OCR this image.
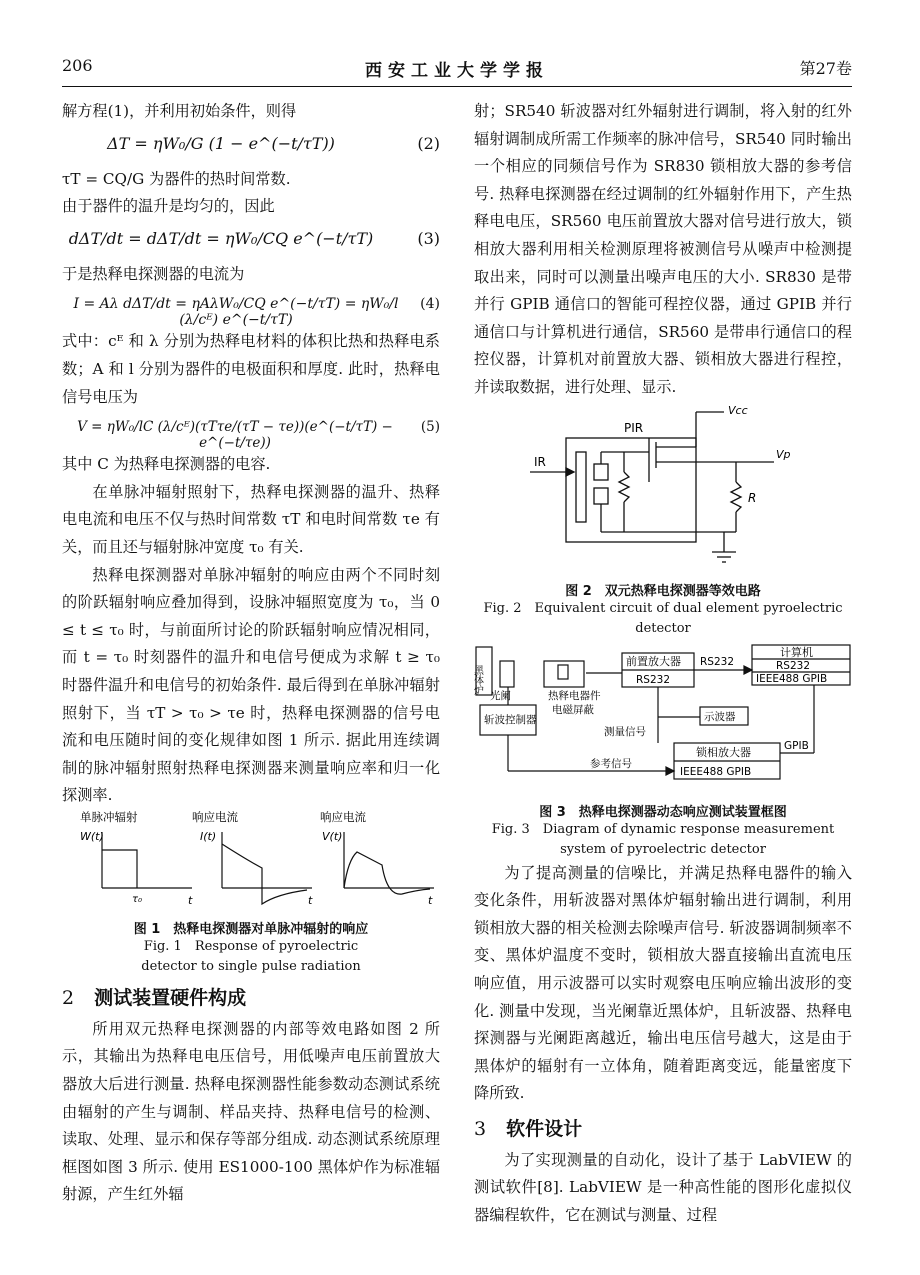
206	西安工业大学学报	第27卷

解方程(1)，并利用初始条件，则得

ΔT = ηW₀/G (1 − e^(−t/τT))	(2)

τT = CQ/G 为器件的热时间常数.

由于器件的温升是均匀的，因此

dΔT/dt = dΔT/dt = ηW₀/CQ e^(−t/τT)	(3)

于是热释电探测器的电流为

I = Aλ dΔT/dt = ηAλW₀/CQ e^(−t/τT) = ηW₀/l (λ/cᴱ) e^(−t/τT)
(4)

式中：cᴱ 和 λ 分别为热释电材料的体积比热和热释电系数；A 和 l 分别为器件的电极面积和厚度. 此时，热释电信号电压为

V = ηW₀/lC (λ/cᴱ)(τTτe/(τT − τe))(e^(−t/τT) − e^(−t/τe))
(5)

其中 C 为热释电探测器的电容.

在单脉冲辐射照射下，热释电探测器的温升、热释电电流和电压不仅与热时间常数 τT 和电时间常数 τe 有关，而且还与辐射脉冲宽度 τ₀ 有关.

热释电探测器对单脉冲辐射的响应由两个不同时刻的阶跃辐射响应叠加得到，设脉冲辐照宽度为 τ₀，当 0 ≤ t ≤ τ₀ 时，与前面所讨论的阶跃辐射响应情况相同，而 t = τ₀ 时刻器件的温升和电信号便成为求解 t ≥ τ₀ 时器件温升和电信号的初始条件. 最后得到在单脉冲辐射照射下，当 τT > τ₀ > τe 时，热释电探测器的信号电流和电压随时间的变化规律如图 1 所示. 据此用连续调制的脉冲辐射照射热释电探测器来测量响应率和归一化探测率.

单脉冲辐射	响应电流	响应电流
W(t)	I(t)	V(t)
τ₀	t	t	t
图 1　热释电探测器对单脉冲辐射的响应
Fig. 1　Response of pyroelectric
detector to single pulse radiation
2 测试装置硬件构成

所用双元热释电探测器的内部等效电路如图 2 所示，其输出为热释电电压信号，用低噪声电压前置放大器放大后进行测量. 热释电探测器性能参数动态测试系统由辐射的产生与调制、样品夹持、热释电信号的检测、读取、处理、显示和保存等部分组成. 动态测试系统原理框图如图 3 所示. 使用 ES1000-100 黑体炉作为标准辐射源，产生红外辐

射；SR540 斩波器对红外辐射进行调制，将入射的红外辐射调制成所需工作频率的脉冲信号，SR540 同时输出一个相应的同频信号作为 SR830 锁相放大器的参考信号. 热释电探测器在经过调制的红外辐射作用下，产生热释电电压，SR560 电压前置放大器对信号进行放大，锁相放大器利用相关检测原理将被测信号从噪声中检测提取出来，同时可以测量出噪声电压的大小. SR830 是带并行 GPIB 通信口的智能可程控仪器，通过 GPIB 并行通信口与计算机进行通信，SR560 是带串行通信口的程控仪器，计算机对前置放大器、锁相放大器进行程控，并读取数据，进行处理、显示.

PIR
Vcc
IR
Vp
R
图 2　双元热释电探测器等效电路
Fig. 2　Equivalent circuit of dual element pyroelectric detector
黑体炉
光阑	热释电器件
电磁屏蔽
前置放大器
RS232
RS232
计算机
RS232
IEEE488 GPIB
斩波控制器	示波器
测量信号
锁相放大器
IEEE488 GPIB
GPIB
参考信号
图 3　热释电探测器动态响应测试装置框图
Fig. 3　Diagram of dynamic response measurement
system of pyroelectric detector

为了提高测量的信噪比，并满足热释电器件的输入变化条件，用斩波器对黑体炉辐射输出进行调制，利用锁相放大器的相关检测去除噪声信号. 斩波器调制频率不变、黑体炉温度不变时，锁相放大器直接输出直流电压响应值，用示波器可以实时观察电压响应输出波形的变化. 测量中发现，当光阑靠近黑体炉，且斩波器、热释电探测器与光阑距离越近，输出电压信号越大，这是由于黑体炉的辐射有一立体角，随着距离变远，能量密度下降所致.

3 软件设计

为了实现测量的自动化，设计了基于 LabVIEW 的测试软件[8]. LabVIEW 是一种高性能的图形化虚拟仪器编程软件，它在测试与测量、过程
